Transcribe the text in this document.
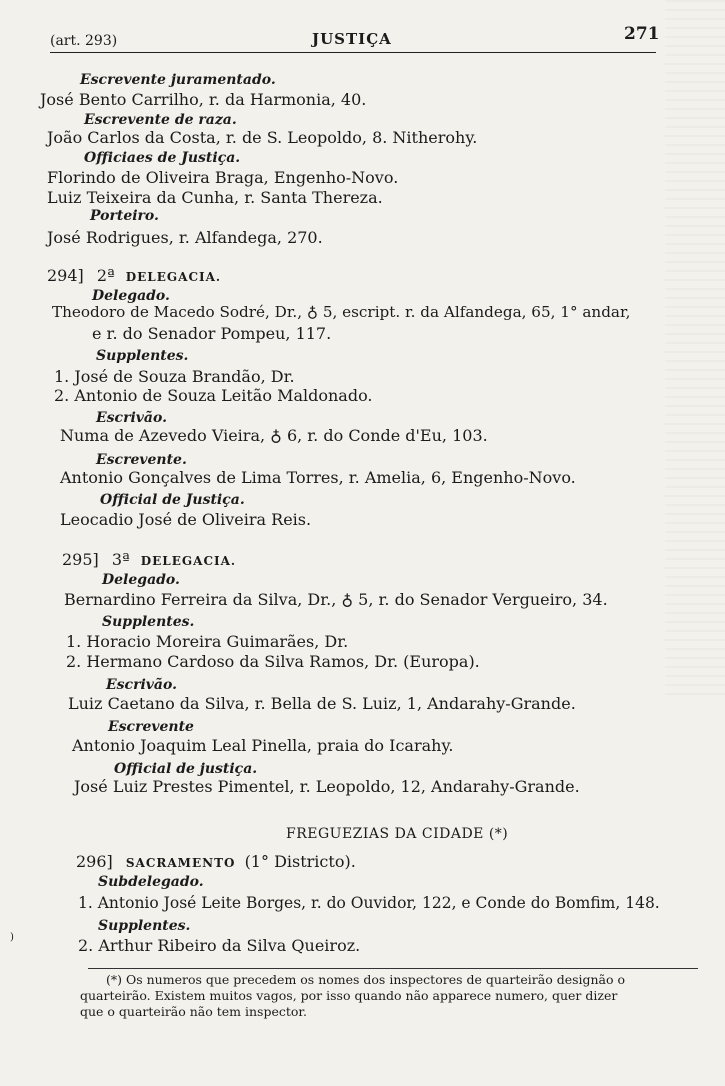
(art. 293)	JUSTIÇA	271
Escrevente juramentado.
José Bento Carrilho, r. da Harmonia, 40.
Escrevente de raza.
João Carlos da Costa, r. de S. Leopoldo, 8. Nitherohy.
Officiaes de Justiça.
Florindo de Oliveira Braga, Engenho-Novo.
Luiz Teixeira da Cunha, r. Santa Thereza.
Porteiro.
José Rodrigues, r. Alfandega, 270.
294] 2ª DELEGACIA.
Delegado.
Theodoro de Macedo Sodré, Dr., ♁ 5, escript. r. da Alfandega, 65, 1° andar,
e r. do Senador Pompeu, 117.
Supplentes.
1. José de Souza Brandão, Dr.
2. Antonio de Souza Leitão Maldonado.
Escrivão.
Numa de Azevedo Vieira, ♁ 6, r. do Conde d'Eu, 103.
Escrevente.
Antonio Gonçalves de Lima Torres, r. Amelia, 6, Engenho-Novo.
Official de Justiça.
Leocadio José de Oliveira Reis.
295] 3ª DELEGACIA.
Delegado.
Bernardino Ferreira da Silva, Dr., ♁ 5, r. do Senador Vergueiro, 34.
Supplentes.
1. Horacio Moreira Guimarães, Dr.
2. Hermano Cardoso da Silva Ramos, Dr. (Europa).
Escrivão.
Luiz Caetano da Silva, r. Bella de S. Luiz, 1, Andarahy-Grande.
Escrevente
Antonio Joaquim Leal Pinella, praia do Icarahy.
Official de justiça.
José Luiz Prestes Pimentel, r. Leopoldo, 12, Andarahy-Grande.
FREGUEZIAS DA CIDADE (*)
296] SACRAMENTO (1° Districto).
Subdelegado.
1. Antonio José Leite Borges, r. do Ouvidor, 122, e Conde do Bomfim, 148.
Supplentes.
2. Arthur Ribeiro da Silva Queiroz.
(*) Os numeros que precedem os nomes dos inspectores de quarteirão designão o
quarteirão. Existem muitos vagos, por isso quando não apparece numero, quer dizer
que o quarteirão não tem inspector.
)
